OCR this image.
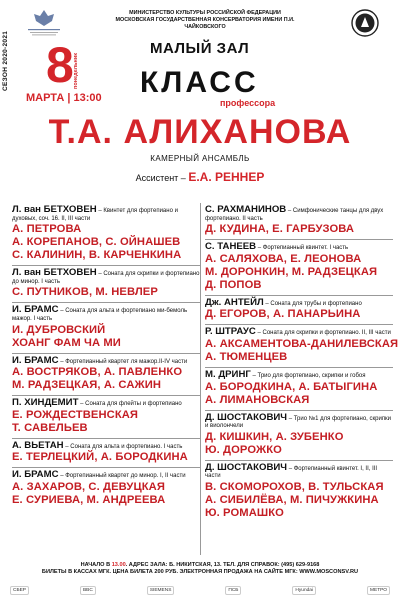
СЕЗОН 2020-2021
МИНИСТЕРСТВО КУЛЬТУРЫ РОССИЙСКОЙ ФЕДЕРАЦИИ
МОСКОВСКАЯ ГОСУДАРСТВЕННАЯ КОНСЕРВАТОРИЯ ИМЕНИ П.И. ЧАЙКОВСКОГО
8 понедельник
МАРТА | 13:00
МАЛЫЙ ЗАЛ
КЛАСС
профессора
Т.А. АЛИХАНОВА
КАМЕРНЫЙ АНСАМБЛЬ
Ассистент – Е.А. РЕННЕР
Л. ван БЕТХОВЕН – Квинтет для фортепиано и духовых, соч. 16. II, III части
А. ПЕТРОВА
А. КОРЕПАНОВ, С. ОЙНАШЕВ
С. КАЛИНИН, В. КАРЧЕНКИНА
Л. ван БЕТХОВЕН – Соната для скрипки и фортепиано до минор. I часть
С. ПУТНИКОВ, М. НЕВЛЕР
И. БРАМС – Соната для альта и фортепиано ми-бемоль мажор. I часть
И. ДУБРОВСКИЙ
ХОАНГ ФАМ ЧА МИ
И. БРАМС – Фортепианный квартет ля мажор.II-IV части
А. ВОСТРЯКОВ, А. ПАВЛЕНКО
М. РАДЗЕЦКАЯ, А. САЖИН
П. ХИНДЕМИТ – Соната для флейты и фортепиано
Е. РОЖДЕСТВЕНСКАЯ
Т. САВЕЛЬЕВ
А. ВЬЕТАН – Соната для альта и фортепиано. I часть
Е. ТЕРЛЕЦКИЙ, А. БОРОДКИНА
И. БРАМС – Фортепианный квартет до минор. I, II части
А. ЗАХАРОВ, С. ДЕВУЦКАЯ
Е. СУРИЕВА, М. АНДРЕЕВА
С. РАХМАНИНОВ – Симфонические танцы для двух фортепиано. II часть
Д. КУДИНА, Е. ГАРБУЗОВА
С. ТАНЕЕВ – Фортепианный квинтет. I часть
А. САЛЯХОВА, Е. ЛЕОНОВА
М. ДОРОНКИН, М. РАДЗЕЦКАЯ
Д. ПОПОВ
Дж. АНТЕЙЛ – Соната для трубы и фортепиано
Д. ЕГОРОВ, А. ПАНАРЬИНА
Р. ШТРАУС – Соната для скрипки и фортепиано. II, III части
А. АКСАМЕНТОВА-ДАНИЛЕВСКАЯ
А. ТЮМЕНЦЕВ
М. ДРИНГ – Трио для фортепиано, скрипки и гобоя
А. БОРОДКИНА, А. БАТЫГИНА
А. ЛИМАНОВСКАЯ
Д. ШОСТАКОВИЧ – Трио №1 для фортепиано, скрипки и виолончели
Д. КИШКИН, А. ЗУБЕНКО
Ю. ДОРОЖКО
Д. ШОСТАКОВИЧ – Фортепианный квинтет. I, II, III части
В. СКОМОРОХОВ, В. ТУЛЬСКАЯ
А. СИБИЛЁВА, М. ПИЧУЖКИНА
Ю. РОМАШКО
НАЧАЛО В 13.00. АДРЕС ЗАЛА: Б. НИКИТСКАЯ, 13. ТЕЛ. ДЛЯ СПРАВОК: (495) 629-9168
БИЛЕТЫ В КАССАХ МГК. ЦЕНА БИЛЕТА 200 РУБ. ЭЛЕКТРОННАЯ ПРОДАЖА НА САЙТЕ МГК: WWW.MOSCONSV.RU
СБЕР	BBC	SIEMENS	ПСБ	Hyundai	МЕТРО
